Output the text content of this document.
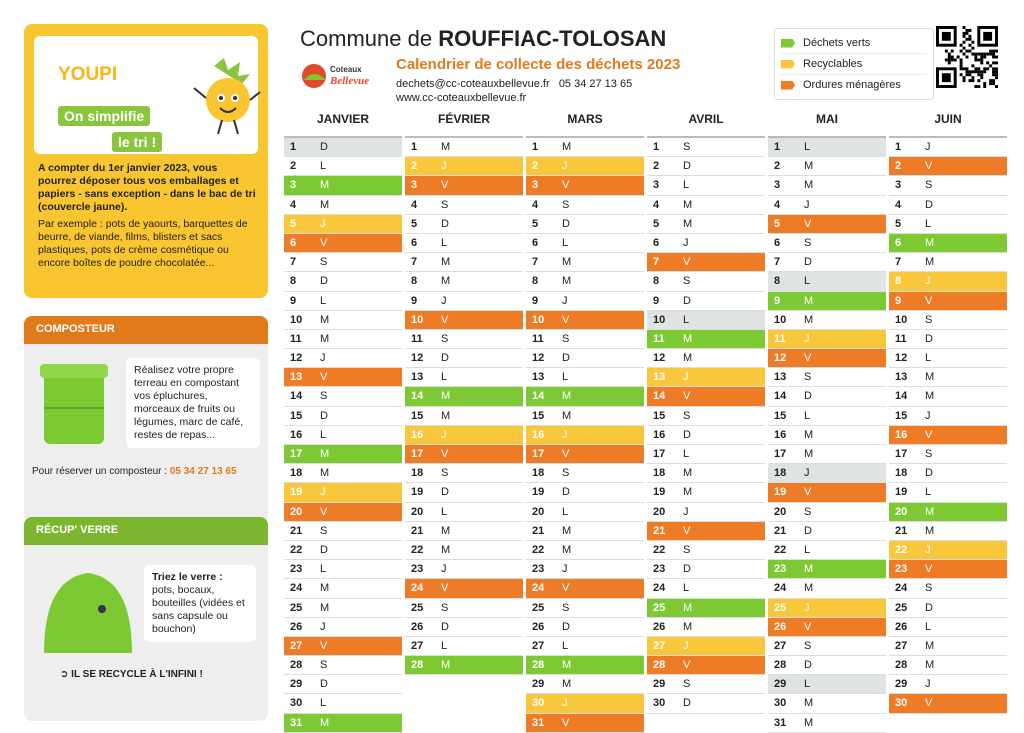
YOUPI
On simplifie
le tri !
A compter du 1er janvier 2023, vous pourrez déposer tous vos emballages et papiers - sans exception - dans le bac de tri (couvercle jaune).
Par exemple : pots de yaourts, barquettes de beurre, de viande, films, blisters et sacs plastiques, pots de crème cosmétique ou encore boîtes de poudre chocolatée...
COMPOSTEUR
Réalisez votre propre terreau en compostant vos épluchures, morceaux de fruits ou légumes, marc de café, restes de repas...
Pour réserver un composteur : 05 34 27 13 65
RÉCUP' VERRE
Triez le verre :
pots, bocaux, bouteilles (vidées et sans capsule ou bouchon)
➲ IL SE RECYCLE À L'INFINI !
Commune de ROUFFIAC-TOLOSAN
Coteaux
Bellevue
Calendrier de collecte des déchets 2023
dechets@cc-coteauxbellevue.fr 05 34 27 13 65
www.cc-coteauxbellevue.fr
Déchets verts
Recyclables
Ordures ménagères
JANVIER
1	D
2	L
3	M
4	M
5	J
6	V
7	S
8	D
9	L
10	M
11	M
12	J
13	V
14	S
15	D
16	L
17	M
18	M
19	J
20	V
21	S
22	D
23	L
24	M
25	M
26	J
27	V
28	S
29	D
30	L
31	M
FÉVRIER
1	M
2	J
3	V
4	S
5	D
6	L
7	M
8	M
9	J
10	V
11	S
12	D
13	L
14	M
15	M
16	J
17	V
18	S
19	D
20	L
21	M
22	M
23	J
24	V
25	S
26	D
27	L
28	M
MARS
1	M
2	J
3	V
4	S
5	D
6	L
7	M
8	M
9	J
10	V
11	S
12	D
13	L
14	M
15	M
16	J
17	V
18	S
19	D
20	L
21	M
22	M
23	J
24	V
25	S
26	D
27	L
28	M
29	M
30	J
31	V
AVRIL
1	S
2	D
3	L
4	M
5	M
6	J
7	V
8	S
9	D
10	L
11	M
12	M
13	J
14	V
15	S
16	D
17	L
18	M
19	M
20	J
21	V
22	S
23	D
24	L
25	M
26	M
27	J
28	V
29	S
30	D
MAI
1	L
2	M
3	M
4	J
5	V
6	S
7	D
8	L
9	M
10	M
11	J
12	V
13	S
14	D
15	L
16	M
17	M
18	J
19	V
20	S
21	D
22	L
23	M
24	M
25	J
26	V
27	S
28	D
29	L
30	M
31	M
JUIN
1	J
2	V
3	S
4	D
5	L
6	M
7	M
8	J
9	V
10	S
11	D
12	L
13	M
14	M
15	J
16	V
17	S
18	D
19	L
20	M
21	M
22	J
23	V
24	S
25	D
26	L
27	M
28	M
29	J
30	V
